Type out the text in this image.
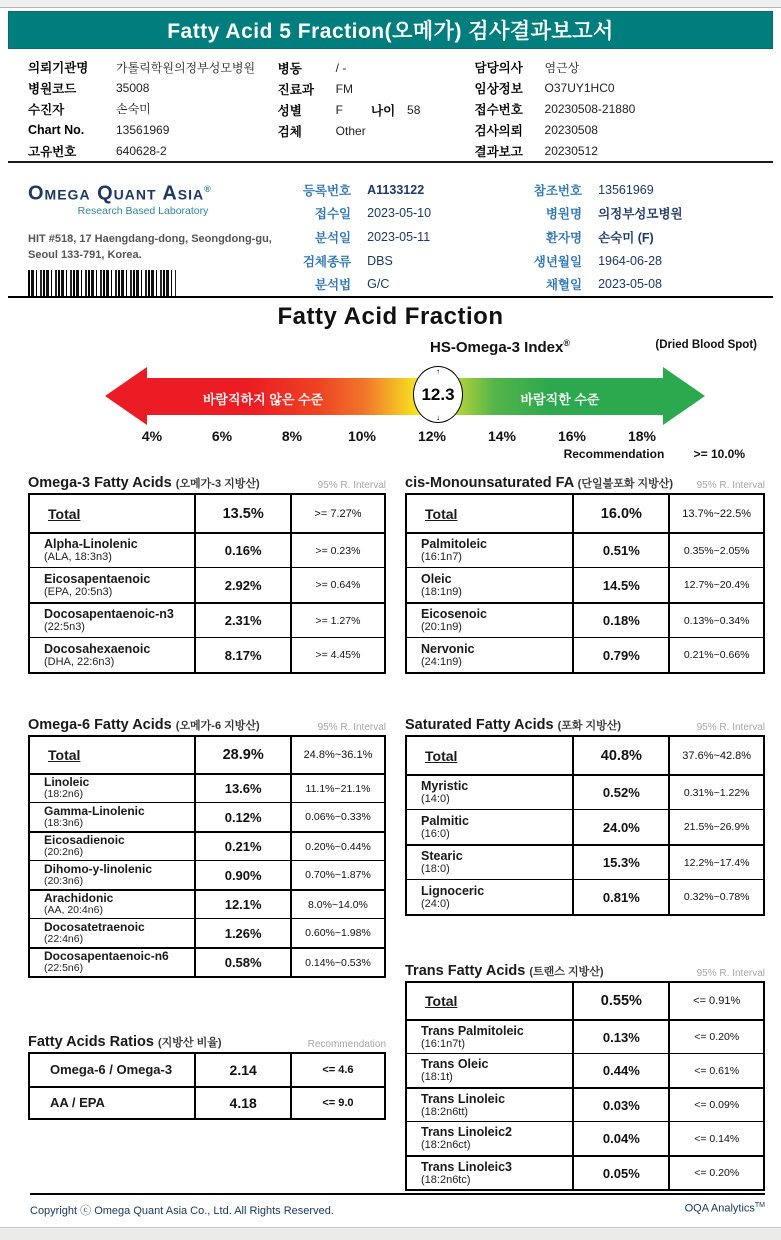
Fatty Acid 5 Fraction(오메가) 검사결과보고서
의뢰기관명	가톨릭학원의정부성모병원
병원코드	35008
수진자	손숙미
Chart No.	13561969
고유번호	640628-2
병동	/ -
진료과	FM
성별	F 나이 58
검체	Other
담당의사	염근상
임상정보	O37UY1HC0
접수번호	20230508-21880
검사의뢰	20230508
결과보고	20230512
Omega Quant Asia®
Research Based Laboratory
HIT #518, 17 Haengdang-dong, Seongdong-gu,
Seoul 133-791, Korea.
등록번호 A1133122
접수일 2023-05-10
분석일 2023-05-11
검체종류 DBS
분석법 G/C
참조번호 13561969
병원명 의정부성모병원
환자명 손숙미 (F)
생년월일 1964-06-28
채혈일 2023-05-08
Fatty Acid Fraction
HS-Omega-3 Index®	(Dried Blood Spot)
바람직하지 않은 수준	바람직한 수준
↑
12.3
↓
4%	6%	8%	10%	12%	14%	16%	18%
Recommendation >= 10.0%
Omega-3 Fatty Acids (오메가-3 지방산)	95% R. Interval
Total	13.5%	>= 7.27%
Alpha-Linolenic
(ALA, 18:3n3)	0.16%	>= 0.23%
Eicosapentaenoic
(EPA, 20:5n3)	2.92%	>= 0.64%
Docosapentaenoic-n3
(22:5n3)	2.31%	>= 1.27%
Docosahexaenoic
(DHA, 22:6n3)	8.17%	>= 4.45%
Omega-6 Fatty Acids (오메가-6 지방산)	95% R. Interval
Total	28.9%	24.8%~36.1%
Linoleic
(18:2n6)	13.6%	11.1%~21.1%
Gamma-Linolenic
(18:3n6)	0.12%	0.06%~0.33%
Eicosadienoic
(20:2n6)	0.21%	0.20%~0.44%
Dihomo-y-linolenic
(20:3n6)	0.90%	0.70%~1.87%
Arachidonic
(AA, 20:4n6)	12.1%	8.0%~14.0%
Docosatetraenoic
(22:4n6)	1.26%	0.60%~1.98%
Docosapentaenoic-n6
(22:5n6)	0.58%	0.14%~0.53%
Fatty Acids Ratios (지방산 비율)	Recommendation
Omega-6 / Omega-3	2.14	<= 4.6
AA / EPA	4.18	<= 9.0
cis-Monounsaturated FA (단일불포화 지방산) 95% R. Interval
Total	16.0%	13.7%~22.5%
Palmitoleic
(16:1n7)	0.51%	0.35%~2.05%
Oleic
(18:1n9)	14.5%	12.7%~20.4%
Eicosenoic
(20:1n9)	0.18%	0.13%~0.34%
Nervonic
(24:1n9)	0.79%	0.21%~0.66%
Saturated Fatty Acids (포화 지방산)	95% R. Interval
Total	40.8%	37.6%~42.8%
Myristic
(14:0)	0.52%	0.31%~1.22%
Palmitic
(16:0)	24.0%	21.5%~26.9%
Stearic
(18:0)	15.3%	12.2%~17.4%
Lignoceric
(24:0)	0.81%	0.32%~0.78%
Trans Fatty Acids (트랜스 지방산)	95% R. Interval
Total	0.55%	<= 0.91%
Trans Palmitoleic
(16:1n7t)	0.13%	<= 0.20%
Trans Oleic
(18:1t)	0.44%	<= 0.61%
Trans Linoleic
(18:2n6tt)	0.03%	<= 0.09%
Trans Linoleic2
(18:2n6ct)	0.04%	<= 0.14%
Trans Linoleic3
(18:2n6tc)	0.05%	<= 0.20%
Copyright ⓒ Omega Quant Asia Co., Ltd. All Rights Reserved.	OQA Analytics™
